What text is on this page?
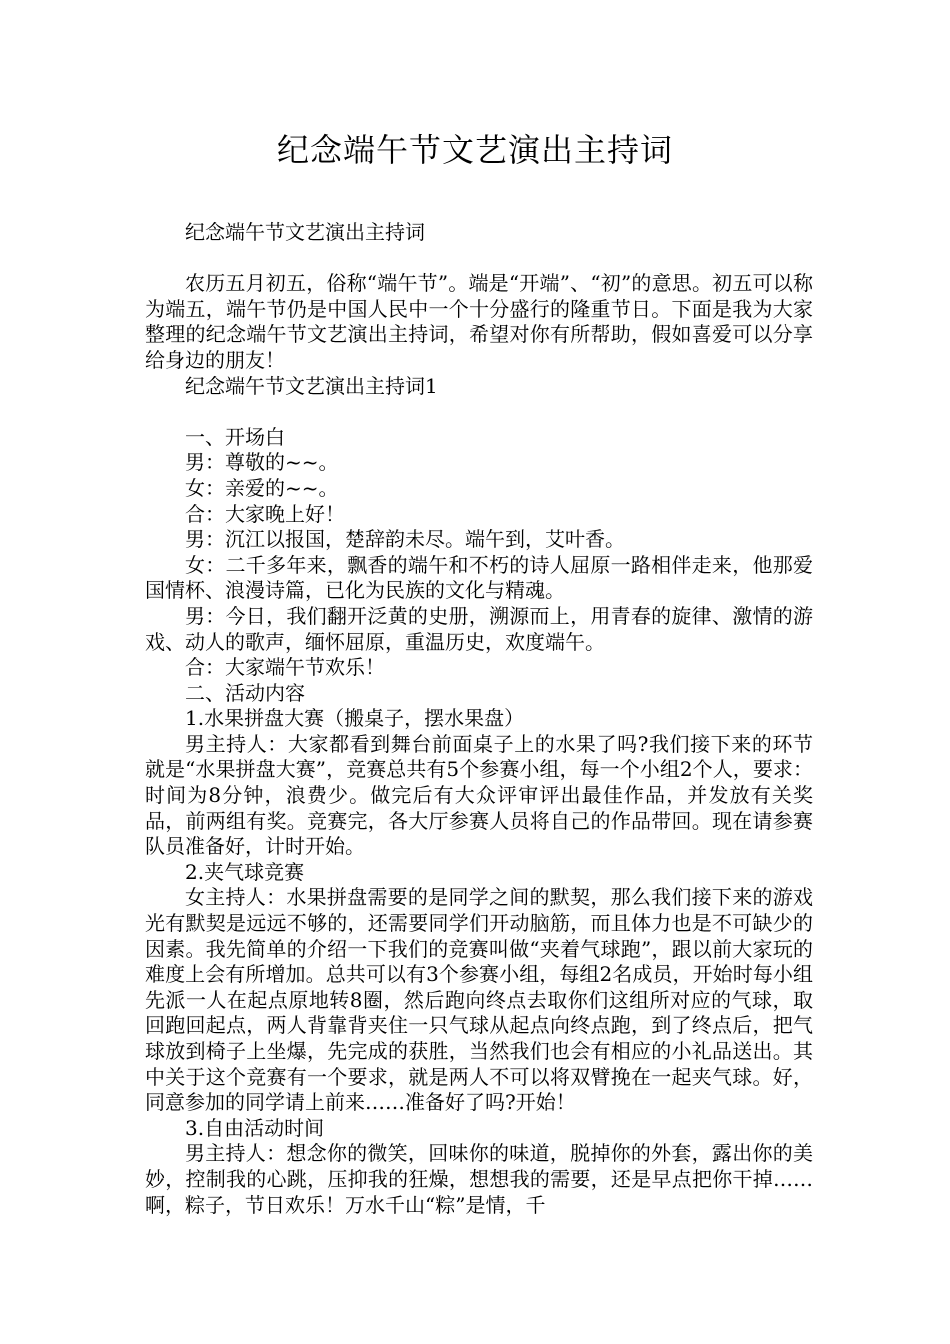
纪念端午节文艺演出主持词

纪念端午节文艺演出主持词

农历五月初五，俗称“端午节”。端是“开端”、“初”的意思。初五可以称为端五，端午节仍是中国人民中一个十分盛行的隆重节日。下面是我为大家整理的纪念端午节文艺演出主持词，希望对你有所帮助，假如喜爱可以分享给身边的朋友！

纪念端午节文艺演出主持词1

一、开场白

男：尊敬的~~。

女：亲爱的~~。

合：大家晚上好！

男：沉江以报国，楚辞韵未尽。端午到，艾叶香。

女：二千多年来，飘香的端午和不朽的诗人屈原一路相伴走来，他那爱国情杯、浪漫诗篇，已化为民族的文化与精魂。

男：今日，我们翻开泛黄的史册，溯源而上，用青春的旋律、激情的游戏、动人的歌声，缅怀屈原，重温历史，欢度端午。

合：大家端午节欢乐！

二、活动内容

1.水果拼盘大赛（搬桌子，摆水果盘）

男主持人：大家都看到舞台前面桌子上的水果了吗?我们接下来的环节就是“水果拼盘大赛”，竞赛总共有5个参赛小组，每一个小组2个人，要求：时间为8分钟，浪费少。做完后有大众评审评出最佳作品，并发放有关奖品，前两组有奖。竞赛完，各大厅参赛人员将自己的作品带回。现在请参赛队员准备好，计时开始。

2.夹气球竞赛

女主持人：水果拼盘需要的是同学之间的默契，那么我们接下来的游戏光有默契是远远不够的，还需要同学们开动脑筋，而且体力也是不可缺少的因素。我先简单的介绍一下我们的竞赛叫做“夹着气球跑”，跟以前大家玩的难度上会有所增加。总共可以有3个参赛小组，每组2名成员，开始时每小组先派一人在起点原地转8圈，然后跑向终点去取你们这组所对应的气球，取回跑回起点，两人背靠背夹住一只气球从起点向终点跑，到了终点后，把气球放到椅子上坐爆，先完成的获胜，当然我们也会有相应的小礼品送出。其中关于这个竞赛有一个要求，就是两人不可以将双臂挽在一起夹气球。好，同意参加的同学请上前来……准备好了吗?开始！

3.自由活动时间

男主持人：想念你的微笑，回味你的味道，脱掉你的外套，露出你的美妙，控制我的心跳，压抑我的狂燥，想想我的需要，还是早点把你干掉……啊，粽子，节日欢乐！万水千山“粽”是情，千
